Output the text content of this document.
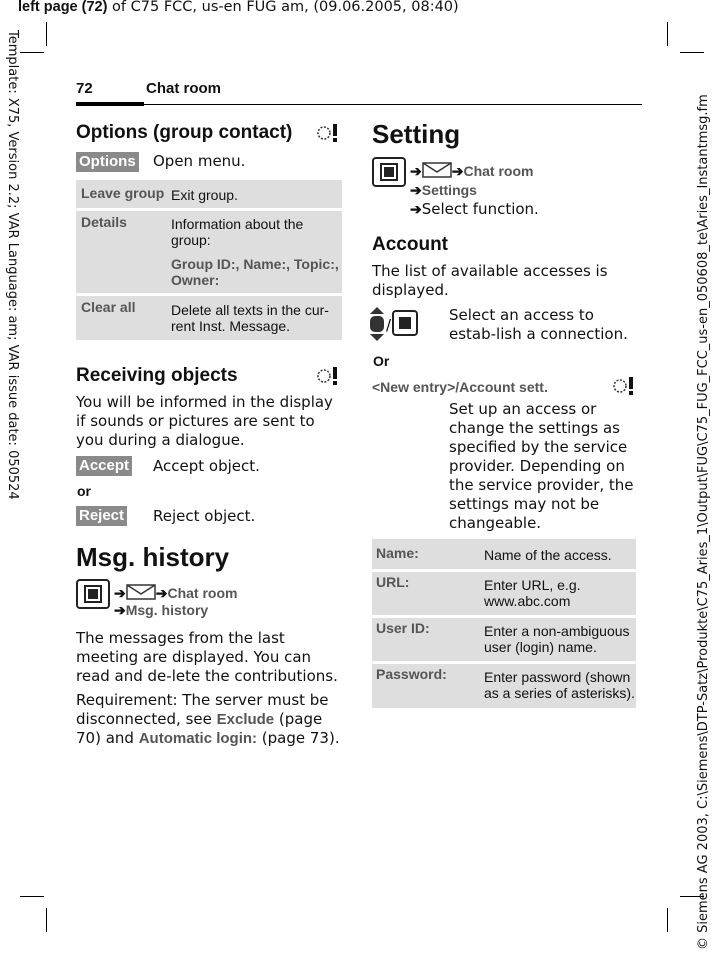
left page (72) of C75 FCC, us-en FUG am, (09.06.2005, 08:40)
Template: X75, Version 2.2; VAR Language: am; VAR issue date: 050524	© Siemens AG 2003, C:\Siemens\DTP-Satz\Produkte\C75_Aries_1\Output\FUG\C75_FUG_FCC_us-en_050608_te\Aries_Instantmsg.fm
72	Chat room
Options (group contact)
Options Open menu.
Leave group Exit group.
Details	Information about the group:
Group ID:, Name:, Topic:, Owner:
Clear all	Delete all texts in the cur-rent Inst. Message.
Receiving objects
You will be informed in the display if sounds or pictures are sent to you during a dialogue.
Accept Accept object.
or
Reject Reject object.
Msg. history
➔ ➔Chat room
➔Msg. history
The messages from the last meeting are displayed. You can read and de-lete the contributions.
Requirement: The server must be disconnected, see Exclude (page 70) and Automatic login: (page 73).
Setting
➔ ➔Chat room
➔Settings
➔Select function.
Account
The list of available accesses is displayed.
/
Select an access to estab-lish a connection.
Or
<New entry>/Account sett.
Set up an access or change the settings as specified by the service provider. Depending on the service provider, the settings may not be changeable.
Name:	Name of the access.
URL:	Enter URL, e.g. www.abc.com
User ID:	Enter a non-ambiguous user (login) name.
Password:	Enter password (shown as a series of asterisks).
